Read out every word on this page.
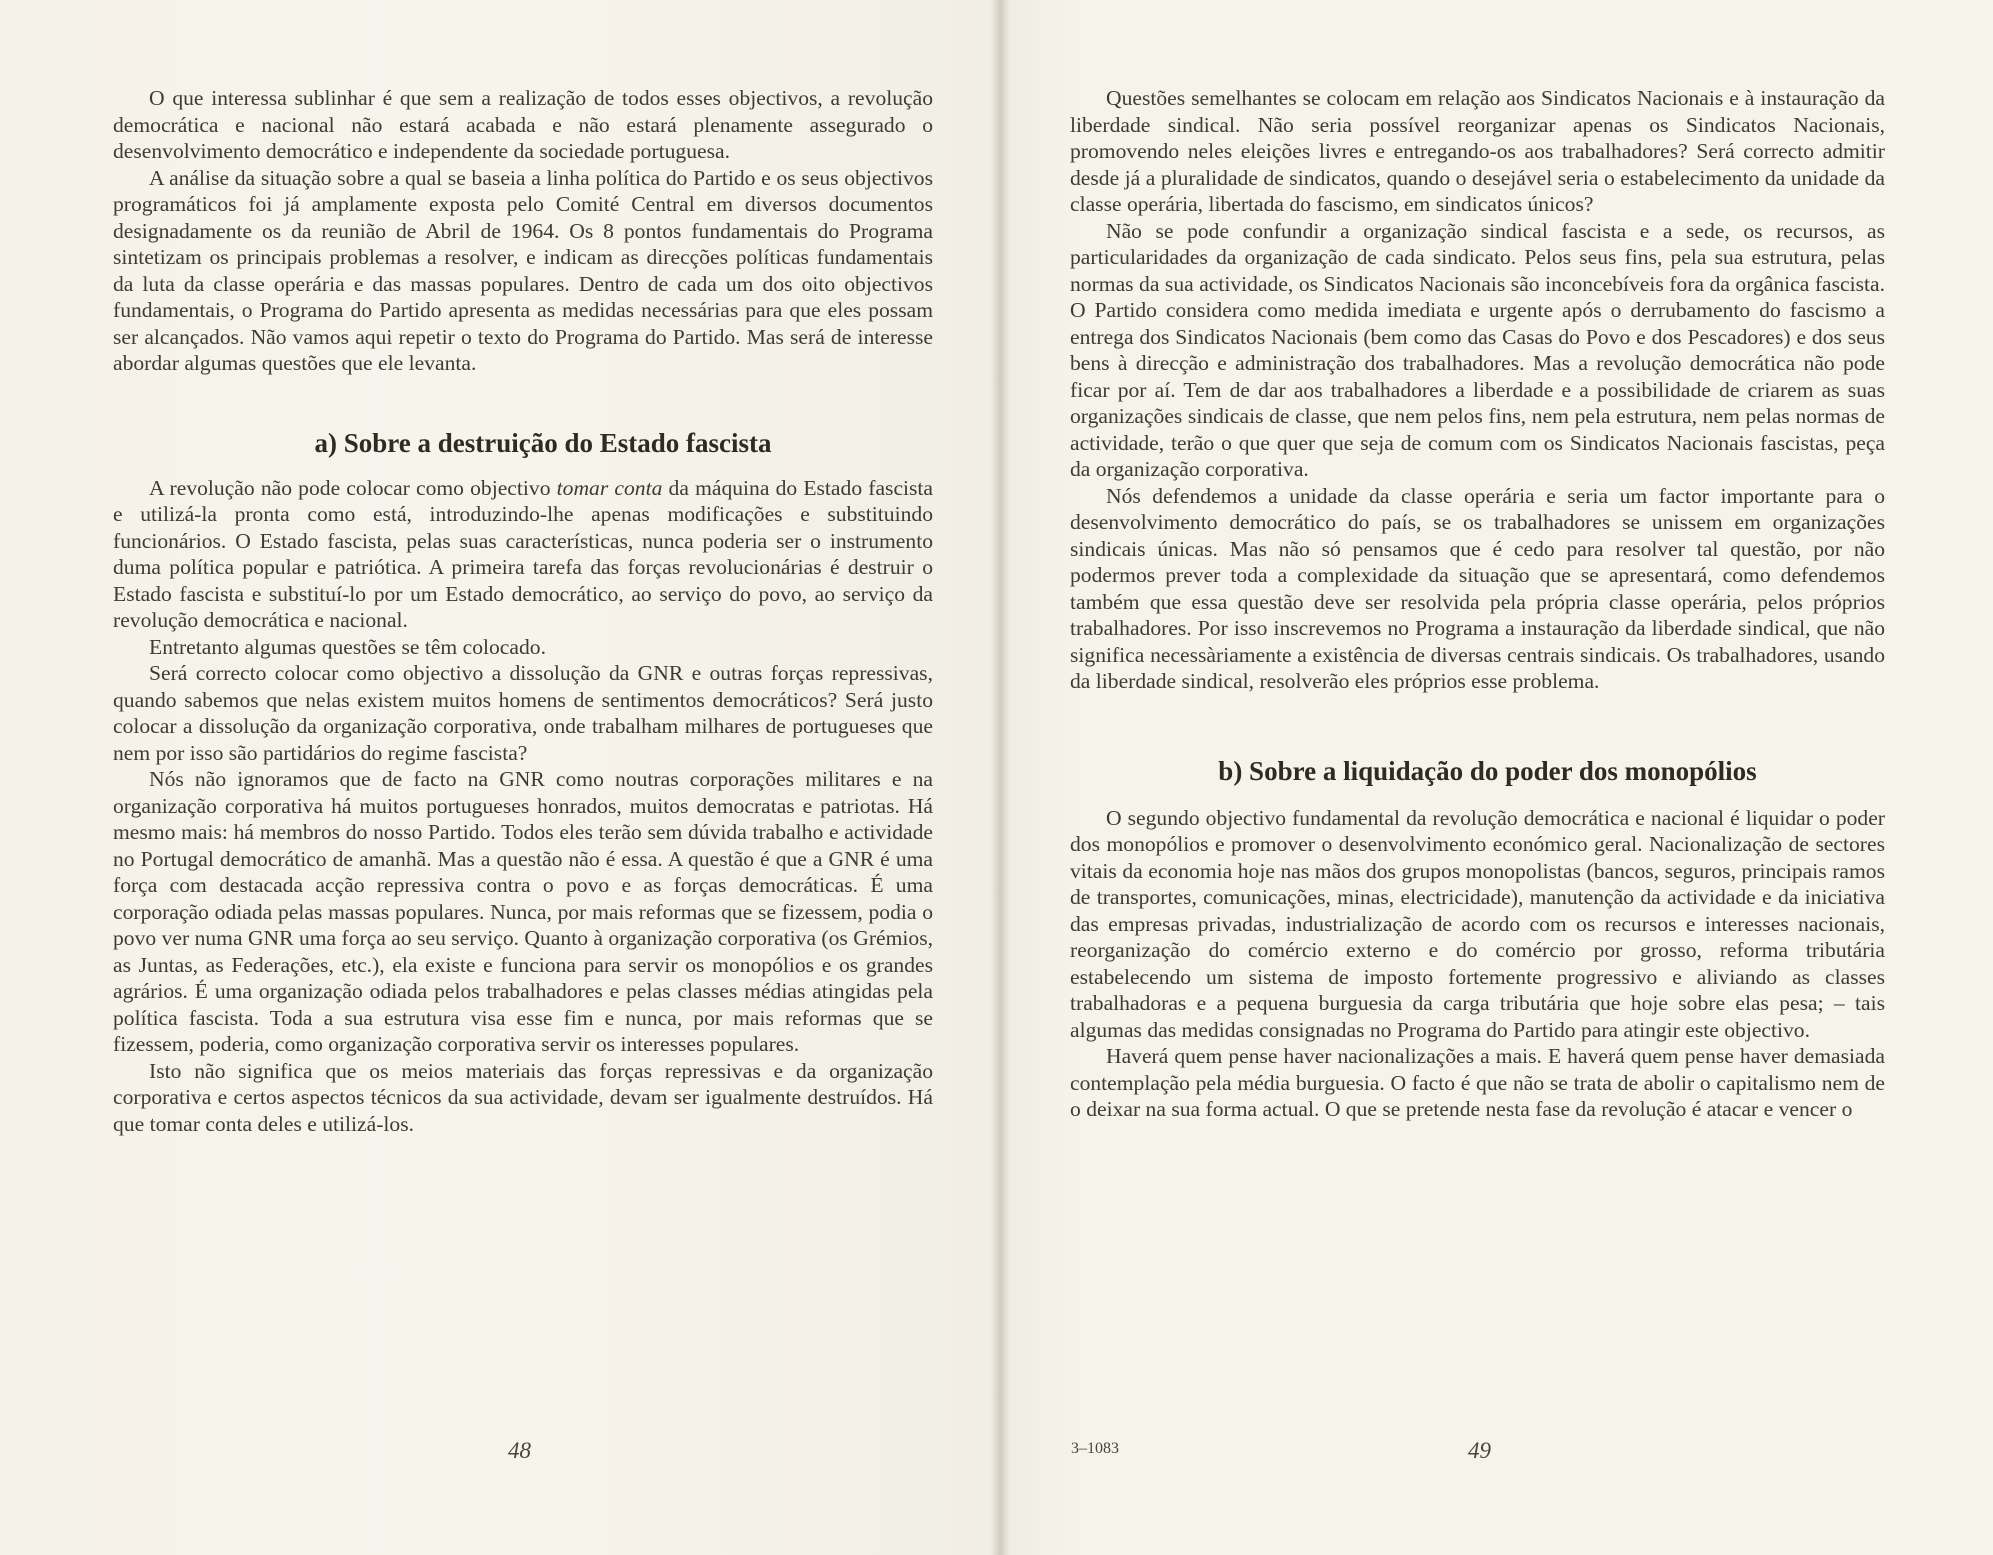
O que interessa sublinhar é que sem a realização de todos esses objectivos, a revolução democrática e nacional não estará acabada e não estará plenamente assegurado o desenvolvimento democrático e independente da sociedade portuguesa.

A análise da situação sobre a qual se baseia a linha política do Partido e os seus objectivos programáticos foi já amplamente exposta pelo Comité Central em diversos documentos designadamente os da reunião de Abril de 1964. Os 8 pontos fundamentais do Programa sintetizam os principais problemas a resolver, e indicam as direcções políticas fundamentais da luta da classe operária e das massas populares. Dentro de cada um dos oito objectivos fundamentais, o Programa do Partido apresenta as medidas necessárias para que eles possam ser alcançados. Não vamos aqui repetir o texto do Programa do Partido. Mas será de interesse abordar algumas questões que ele levanta.

a) Sobre a destruição do Estado fascista

A revolução não pode colocar como objectivo tomar conta da máquina do Estado fascista e utilizá-la pronta como está, introduzindo-lhe apenas modificações e substituindo funcionários. O Estado fascista, pelas suas características, nunca poderia ser o instrumento duma política popular e patriótica. A primeira tarefa das forças revolucionárias é destruir o Estado fascista e substituí-lo por um Estado democrático, ao serviço do povo, ao serviço da revolução democrática e nacional.

Entretanto algumas questões se têm colocado.

Será correcto colocar como objectivo a dissolução da GNR e outras forças repressivas, quando sabemos que nelas existem muitos homens de sentimentos democráticos? Será justo colocar a dissolução da organização corporativa, onde trabalham milhares de portugueses que nem por isso são partidários do regime fascista?

Nós não ignoramos que de facto na GNR como noutras corporações militares e na organização corporativa há muitos portugueses honrados, muitos democratas e patriotas. Há mesmo mais: há membros do nosso Partido. Todos eles terão sem dúvida trabalho e actividade no Portugal democrático de amanhã. Mas a questão não é essa. A questão é que a GNR é uma força com destacada acção repressiva contra o povo e as forças democráticas. É uma corporação odiada pelas massas populares. Nunca, por mais reformas que se fizessem, podia o povo ver numa GNR uma força ao seu serviço. Quanto à organização corporativa (os Grémios, as Juntas, as Federações, etc.), ela existe e funciona para servir os monopólios e os grandes agrários. É uma organização odiada pelos trabalhadores e pelas classes médias atingidas pela política fascista. Toda a sua estrutura visa esse fim e nunca, por mais reformas que se fizessem, poderia, como organização corporativa servir os interesses populares.

Isto não significa que os meios materiais das forças repressivas e da organização corporativa e certos aspectos técnicos da sua actividade, devam ser igualmente destruídos. Há que tomar conta deles e utilizá-los.

48

Questões semelhantes se colocam em relação aos Sindicatos Nacionais e à instauração da liberdade sindical. Não seria possível reorganizar apenas os Sindicatos Nacionais, promovendo neles eleições livres e entregando-os aos trabalhadores? Será correcto admitir desde já a pluralidade de sindicatos, quando o desejável seria o estabelecimento da unidade da classe operária, libertada do fascismo, em sindicatos únicos?

Não se pode confundir a organização sindical fascista e a sede, os recursos, as particularidades da organização de cada sindicato. Pelos seus fins, pela sua estrutura, pelas normas da sua actividade, os Sindicatos Nacionais são inconcebíveis fora da orgânica fascista. O Partido considera como medida imediata e urgente após o derrubamento do fascismo a entrega dos Sindicatos Nacionais (bem como das Casas do Povo e dos Pescadores) e dos seus bens à direcção e administração dos trabalhadores. Mas a revolução democrática não pode ficar por aí. Tem de dar aos trabalhadores a liberdade e a possibilidade de criarem as suas organizações sindicais de classe, que nem pelos fins, nem pela estrutura, nem pelas normas de actividade, terão o que quer que seja de comum com os Sindicatos Nacionais fascistas, peça da organização corporativa.

Nós defendemos a unidade da classe operária e seria um factor importante para o desenvolvimento democrático do país, se os trabalhadores se unissem em organizações sindicais únicas. Mas não só pensamos que é cedo para resolver tal questão, por não podermos prever toda a complexidade da situação que se apresentará, como defendemos também que essa questão deve ser resolvida pela própria classe operária, pelos próprios trabalhadores. Por isso inscrevemos no Programa a instauração da liberdade sindical, que não significa necessàriamente a existência de diversas centrais sindicais. Os trabalhadores, usando da liberdade sindical, resolverão eles próprios esse problema.

b) Sobre a liquidação do poder dos monopólios

O segundo objectivo fundamental da revolução democrática e nacional é liquidar o poder dos monopólios e promover o desenvolvimento económico geral. Nacionalização de sectores vitais da economia hoje nas mãos dos grupos monopolistas (bancos, seguros, principais ramos de transportes, comunicações, minas, electricidade), manutenção da actividade e da iniciativa das empresas privadas, industrialização de acordo com os recursos e interesses nacionais, reorganização do comércio externo e do comércio por grosso, reforma tributária estabelecendo um sistema de imposto fortemente progressivo e aliviando as classes trabalhadoras e a pequena burguesia da carga tributária que hoje sobre elas pesa; – tais algumas das medidas consignadas no Programa do Partido para atingir este objectivo.

Haverá quem pense haver nacionalizações a mais. E haverá quem pense haver demasiada contemplação pela média burguesia. O facto é que não se trata de abolir o capitalismo nem de o deixar na sua forma actual. O que se pretende nesta fase da revolução é atacar e vencer o

3–1083	49
